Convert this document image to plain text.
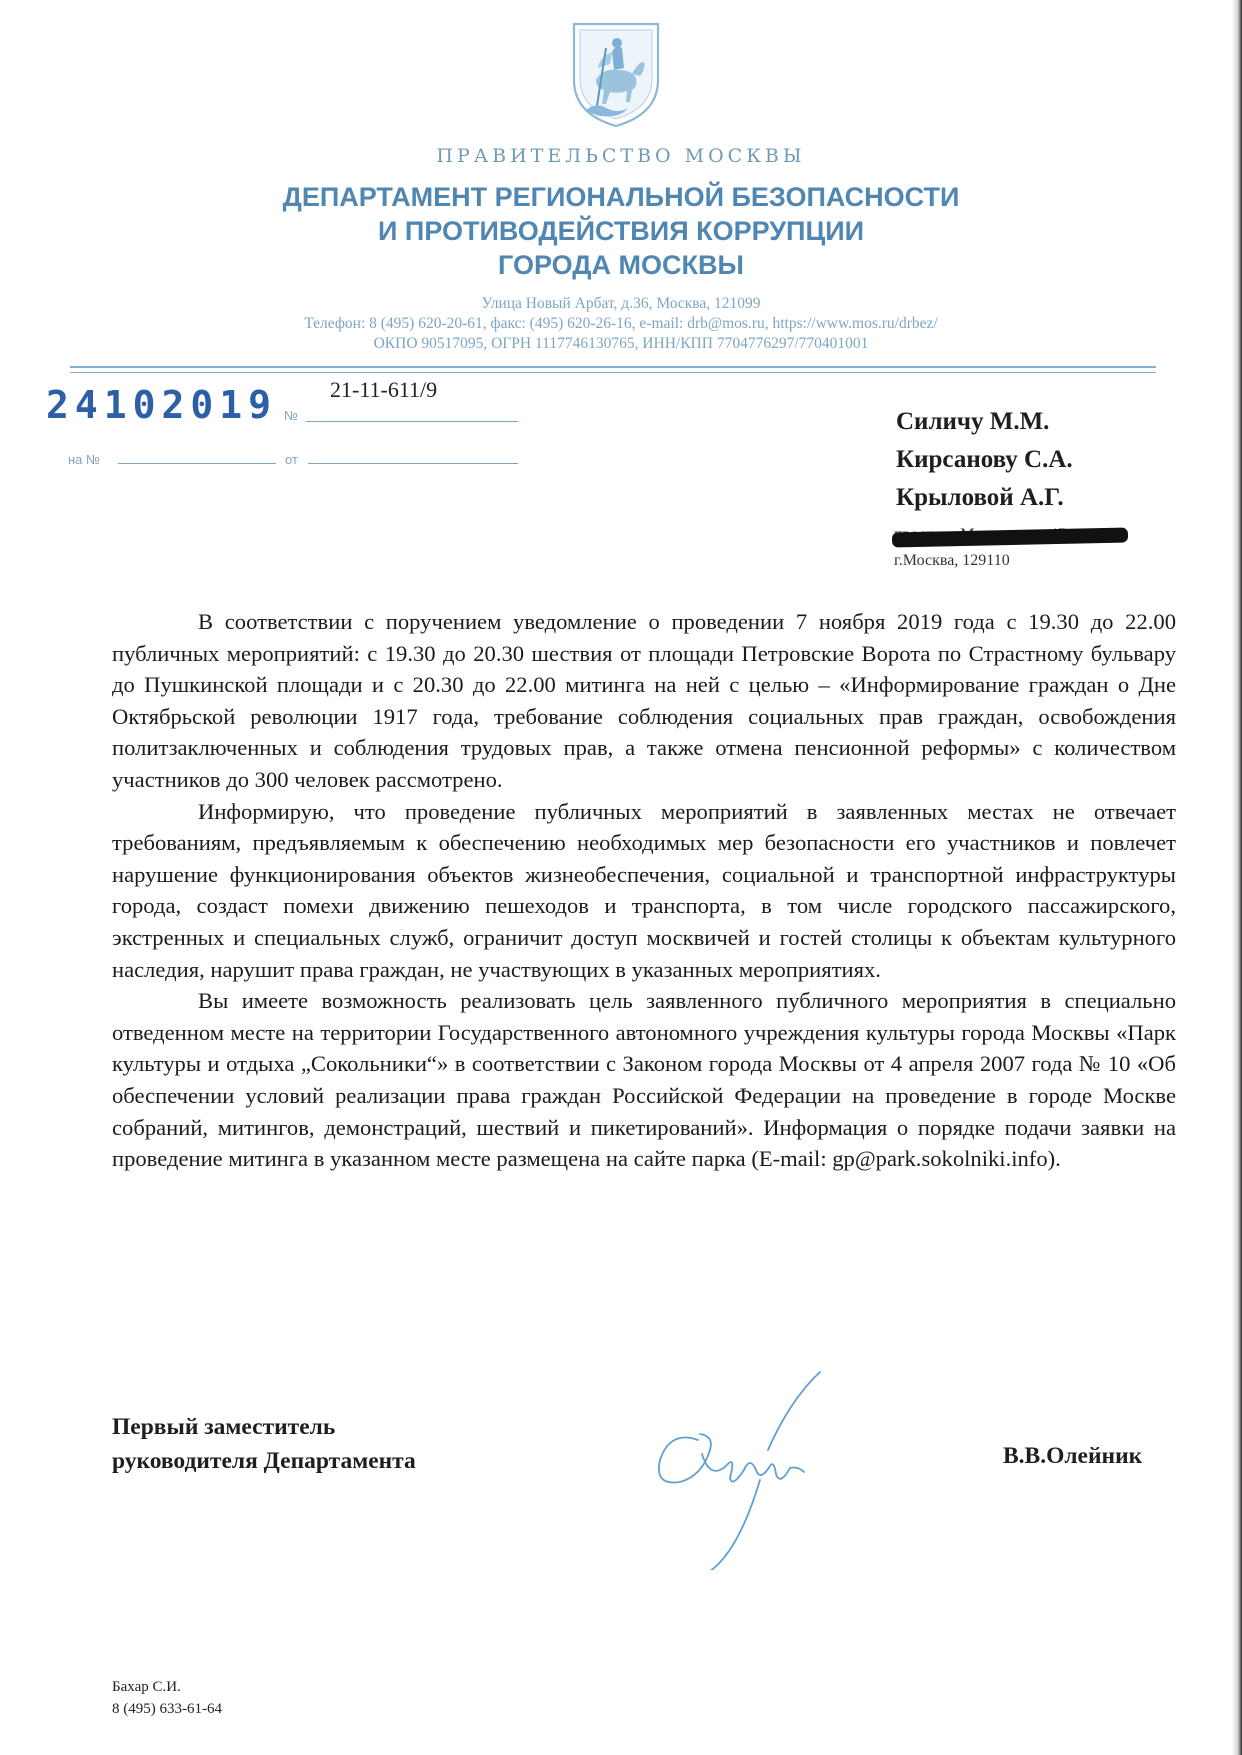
ПРАВИТЕЛЬСТВО МОСКВЫ
ДЕПАРТАМЕНТ РЕГИОНАЛЬНОЙ БЕЗОПАСНОСТИ
И ПРОТИВОДЕЙСТВИЯ КОРРУПЦИИ
ГОРОДА МОСКВЫ
Улица Новый Арбат, д.36, Москва, 121099
Телефон: 8 (495) 620-20-61, факс: (495) 620-26-16, e-mail: drb@mos.ru, https://www.mos.ru/drbez/
ОКПО 90517095, ОГРН 1117746130765, ИНН/КПП 7704776297/770401001
24102019 №
21-11-611/9
на №	от
Силичу М.М.
Кирсанову С.А.
Крыловой А.Г.
г.Москва, 129110

В соответствии с поручением уведомление о проведении 7 ноября 2019 года с 19.30 до 22.00 публичных мероприятий: с 19.30 до 20.30 шествия от площади Петровские Ворота по Страстному бульвару до Пушкинской площади и с 20.30 до 22.00 митинга на ней с целью – «Информирование граждан о Дне Октябрьской революции 1917 года, требование соблюдения социальных прав граждан, освобождения политзаключенных и соблюдения трудовых прав, а также отмена пенсионной реформы» с количеством участников до 300 человек рассмотрено.

Информирую, что проведение публичных мероприятий в заявленных местах не отвечает требованиям, предъявляемым к обеспечению необходимых мер безопасности его участников и повлечет нарушение функционирования объектов жизнеобеспечения, социальной и транспортной инфраструктуры города, создаст помехи движению пешеходов и транспорта, в том числе городского пассажирского, экстренных и специальных служб, ограничит доступ москвичей и гостей столицы к объектам культурного наследия, нарушит права граждан, не участвующих в указанных мероприятиях.

Вы имеете возможность реализовать цель заявленного публичного мероприятия в специально отведенном месте на территории Государственного автономного учреждения культуры города Москвы «Парк культуры и отдыха „Сокольники“» в соответствии с Законом города Москвы от 4 апреля 2007 года № 10 «Об обеспечении условий реализации права граждан Российской Федерации на проведение в городе Москве собраний, митингов, демонстраций, шествий и пикетирований». Информация о порядке подачи заявки на проведение митинга в указанном месте размещена на сайте парка (E-mail: gp@park.sokolniki.info).

Первый заместитель
руководителя Департамента	В.В.Олейник
Бахар С.И.
8 (495) 633-61-64
